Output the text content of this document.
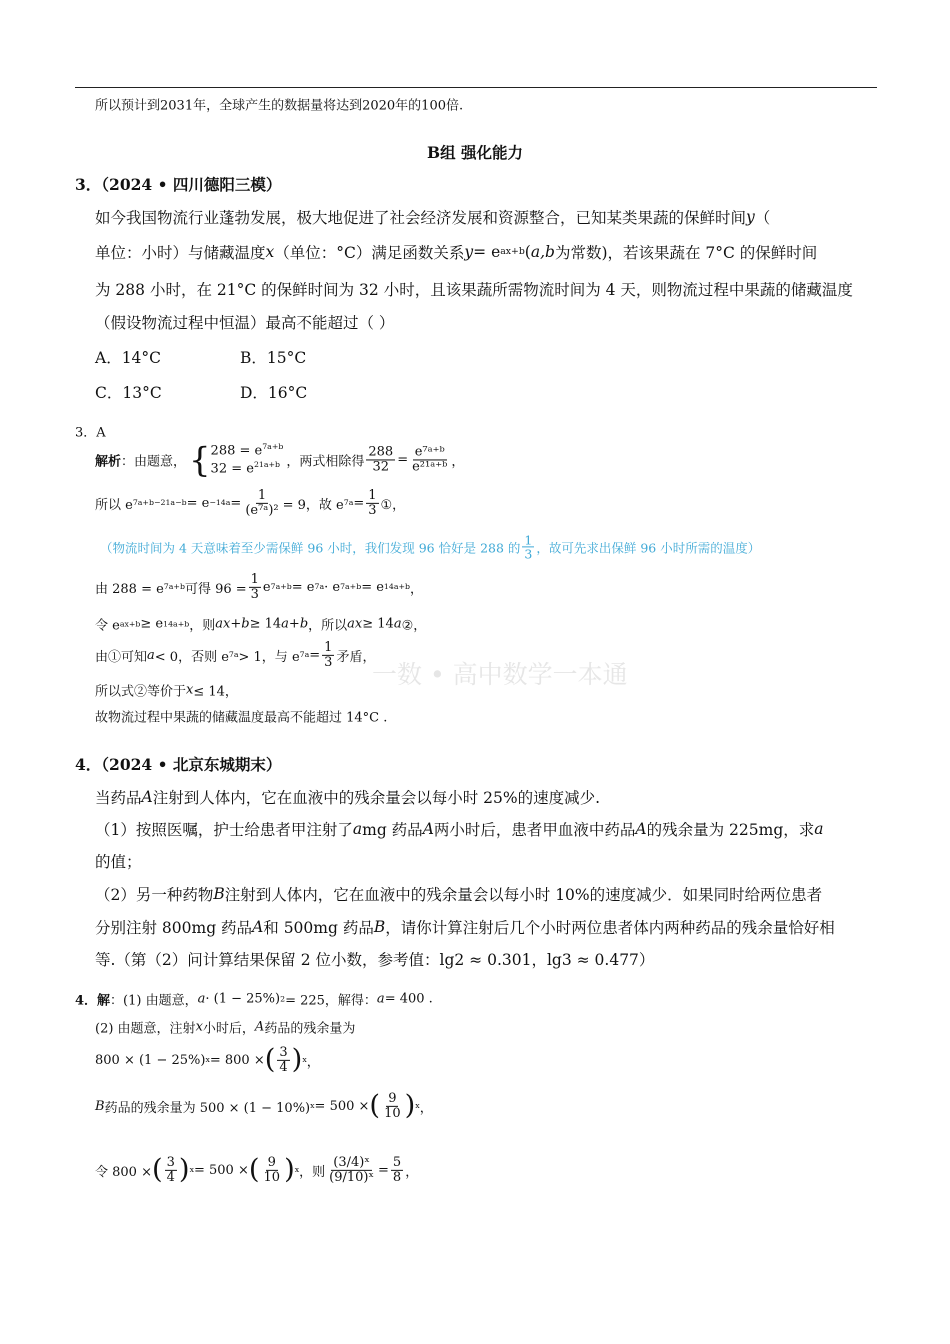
一数 • 高中数学一本通
所以预计到2031年，全球产生的数据量将达到2020年的100倍.
B组 强化能力
3．（2024 • 四川德阳三模）
如今我国物流行业蓬勃发展，极大地促进了社会经济发展和资源整合，已知某类果蔬的保鲜时间 y （
单位：小时）与储藏温度 x （单位：°C）满足函数关系 y = e ax+b ( a,b 为常数)，若该果蔬在 7°C 的保鲜时间
为 288 小时，在 21°C 的保鲜时间为 32 小时，且该果蔬所需物流时间为 4 天，则物流过程中果蔬的储藏温度
（假设物流过程中恒温）最高不能超过（ ）
A．14°C	B．15°C
C．13°C	D．16°C
3．A
解析 ：由题意， { $288 = e^{7a+b}$
$32 = e^{21a+b}$ ，两式相除得 $\frac{288}{32} = \frac{\text{e⁷ᵃ⁺ᵇ}}{\text{e²¹ᵃ⁺ᵇ}}$ ，
所以 e $7a+b-21a-b = e -14a = \frac{1}{\text{(e⁷ᵃ)²}} = 9$，故 e $7a = \frac{1}{3}$ ①，
（物流时间为 4 天意味着至少需保鲜 96 小时，我们发现 96 恰好是 288 的 $\frac{1}{3}$ ，故可先求出保鲜 96 小时所需的温度）
由 288 = e 7a+b 可得 $96 = \frac{1}{3}$ e 7a+b = e 7a · e 7a+b = e 14a+b ，
令 e ax+b ≥ e 14a+b ，则 ax + b ≥ 14 a + b ，所以 ax ≥ 14 a ②，
由①可知 a < 0，否则 e 7a > 1，与 e $7a = \frac{1}{3}$ 矛盾，
所以式②等价于 x ≤ 14，
故物流过程中果蔬的储藏温度最高不能超过 14°C .
4．（2024 • 北京东城期末）
当药品 A 注射到人体内，它在血液中的残余量会以每小时 25%的速度减少.
（1）按照医嘱，护士给患者甲注射了 a mg 药品 A 两小时后，患者甲血液中药品 A 的残余量为 225mg，求 a
的值；
（2）另一种药物 B 注射到人体内，它在血液中的残余量会以每小时 10%的速度减少．如果同时给两位患者
分别注射 800mg 药品 A 和 500mg 药品 B ，请你计算注射后几个小时两位患者体内两种药品的残余量恰好相
等.（第（2）问计算结果保留 2 位小数，参考值：lg2 ≈ 0.301，lg3 ≈ 0.477）
4．解 ：(1) 由题意， a · (1 − 25%) 2 = 225，解得： a = 400 .
(2) 由题意，注射 x 小时后， A 药品的残余量为
800 × (1 − 25%) x = 800 × ( $\frac{3}{4}$ ) x ，
B 药品的残余量为 500 × (1 − 10%) x = 500 × ( $\frac{9}{10}$ ) x ，
令 800 × ( $\frac{3}{4}$ ) x = 500 × ( $\frac{9}{10}$ ) x ，则 $\frac{\text{(3/4)ˣ}}{\text{(9/10)ˣ}} = \frac{5}{8}$ ，
